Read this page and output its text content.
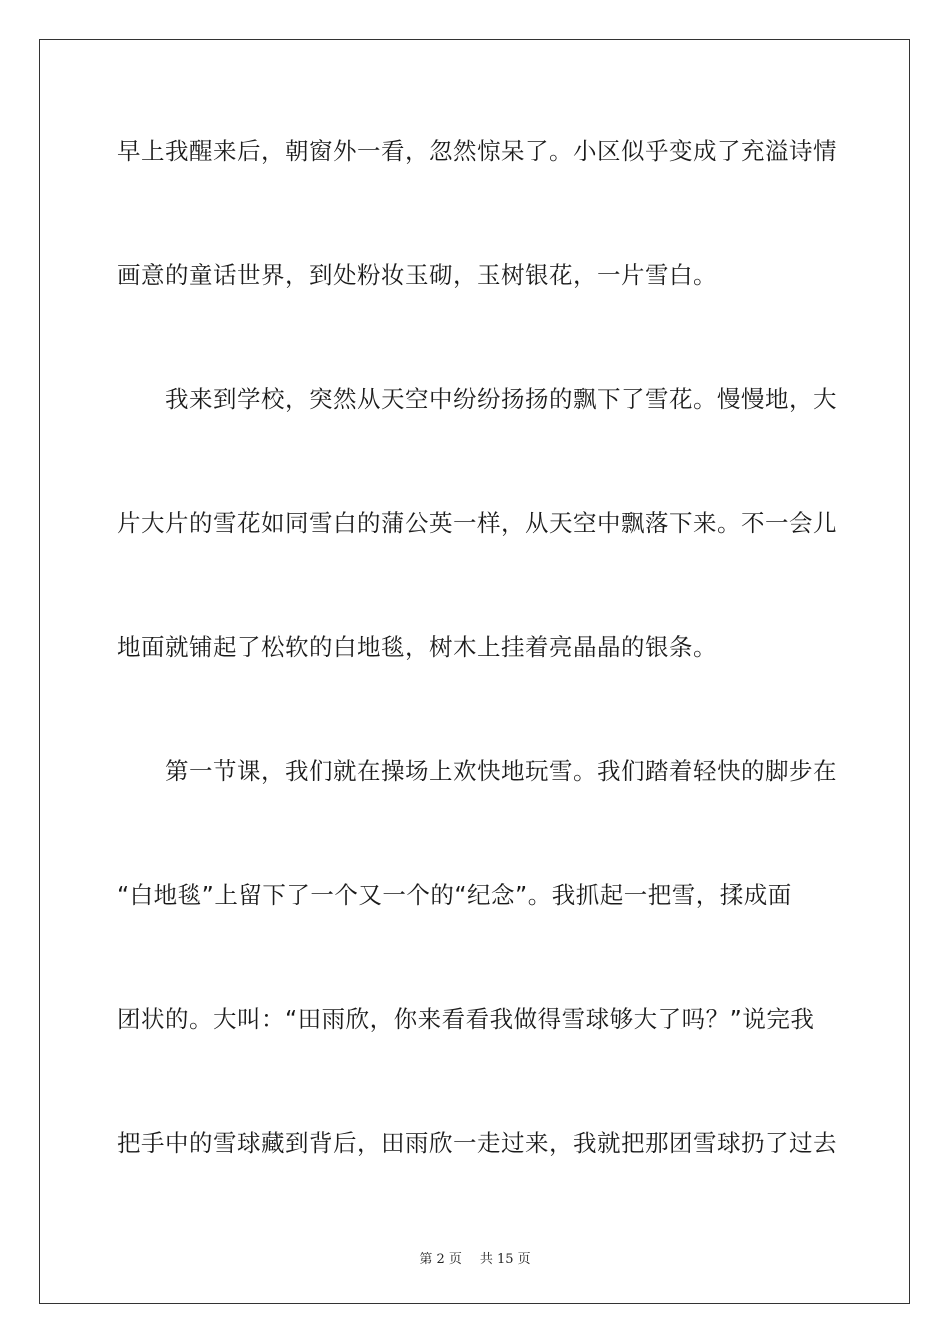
早上我醒来后，朝窗外一看，忽然惊呆了。小区似乎变成了充溢诗情
画意的童话世界，到处粉妆玉砌，玉树银花，一片雪白。
我来到学校，突然从天空中纷纷扬扬的飘下了雪花。慢慢地，大
片大片的雪花如同雪白的蒲公英一样，从天空中飘落下来。不一会儿
地面就铺起了松软的白地毯，树木上挂着亮晶晶的银条。
第一节课，我们就在操场上欢快地玩雪。我们踏着轻快的脚步在
“白地毯”上留下了一个又一个的“纪念”。我抓起一把雪，揉成面
团状的。大叫：“田雨欣，你来看看我做得雪球够大了吗？”说完我
把手中的雪球藏到背后，田雨欣一走过来，我就把那团雪球扔了过去
第 2 页 共 15 页
